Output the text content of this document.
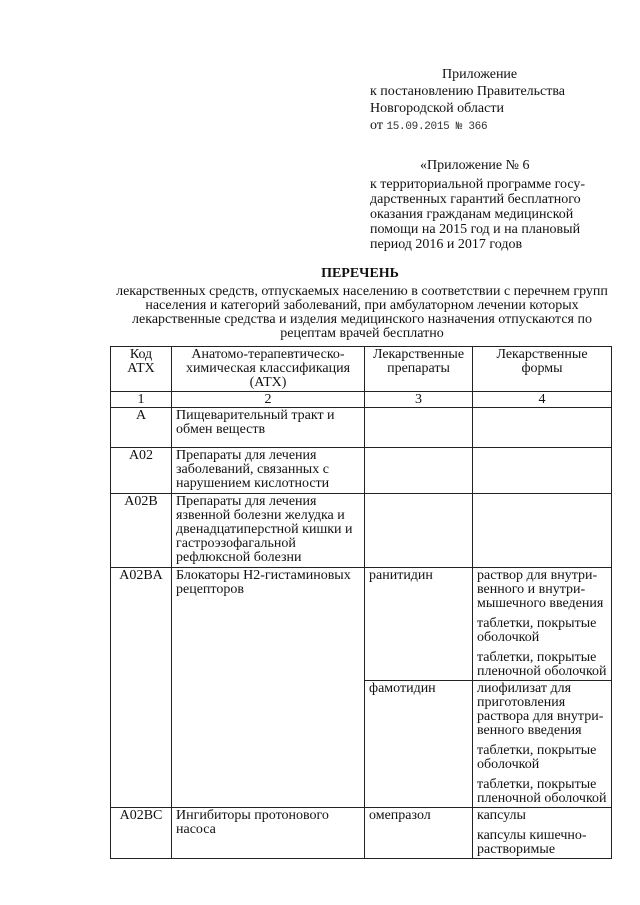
Приложение
к постановлению Правительства
Новгородской области
от 15.09.2015 № 366
«Приложение № 6
к территориальной программе госу-дарственных гарантий бесплатного оказания гражданам медицинской помощи на 2015 год и на плановый период 2016 и 2017 годов
ПЕРЕЧЕНЬ
лекарственных средств, отпускаемых населению в соответствии с перечнем групп населения и категорий заболеваний, при амбулаторном лечении которых лекарственные средства и изделия медицинского назначения отпускаются по рецептам врачей бесплатно
Код АТХ	Анатомо-терапевтическо-химическая классификация (АТХ)	Лекарственные препараты	Лекарственные формы
1	2	3	4
A	Пищеварительный тракт и обмен веществ		
A02	Препараты для лечения заболеваний, связанных с нарушением кислотности		
A02B	Препараты для лечения язвенной болезни желудка и двенадцатиперстной кишки и гастроэзофагальной рефлюксной болезни		
A02BA	Блокаторы Н2-гистаминовых рецепторов	ранитидин	раствор для внутри-венного и внутри-мышечного введения
таблетки, покрытые оболочкой
таблетки, покрытые пленочной оболочкой

		фамотидин	лиофилизат для приготовления раствора для внутри-венного введения
таблетки, покрытые оболочкой
таблетки, покрытые пленочной оболочкой

A02BC	Ингибиторы протонового насоса	омепразол	капсулы
капсулы кишечно-растворимые
